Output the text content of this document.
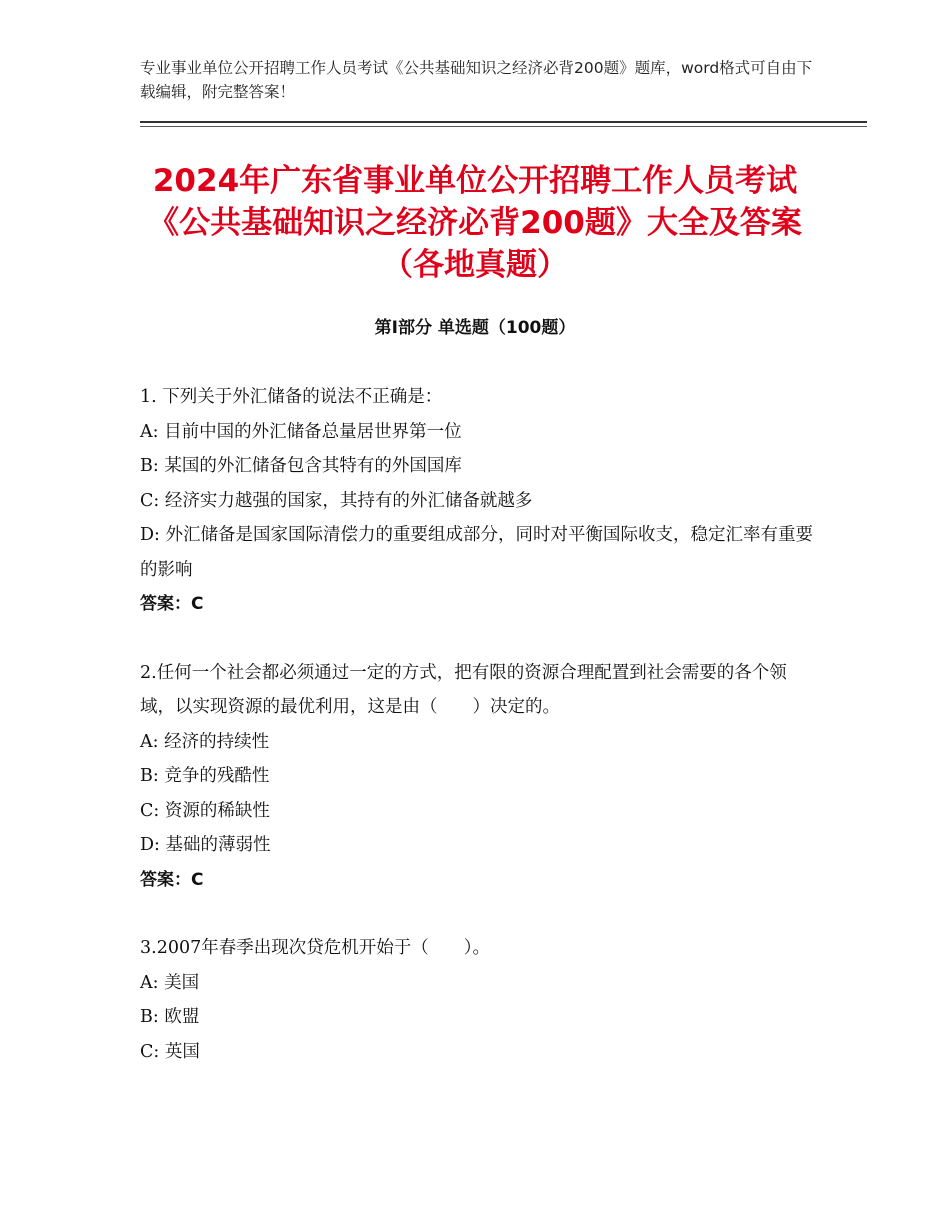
专业事业单位公开招聘工作人员考试《公共基础知识之经济必背200题》题库，word格式可自由下载编辑，附完整答案！
2024年广东省事业单位公开招聘工作人员考试《公共基础知识之经济必背200题》大全及答案（各地真题）
第Ⅰ部分 单选题（100题）
1. 下列关于外汇储备的说法不正确是：
A: 目前中国的外汇储备总量居世界第一位
B: 某国的外汇储备包含其特有的外国国库
C: 经济实力越强的国家，其持有的外汇储备就越多
D: 外汇储备是国家国际清偿力的重要组成部分，同时对平衡国际收支，稳定汇率有重要的影响
答案：C
2.任何一个社会都必须通过一定的方式，把有限的资源合理配置到社会需要的各个领域，以实现资源的最优利用，这是由（　　）决定的。
A: 经济的持续性
B: 竞争的残酷性
C: 资源的稀缺性
D: 基础的薄弱性
答案：C
3.2007年春季出现次贷危机开始于（　　）。
A: 美国
B: 欧盟
C: 英国
